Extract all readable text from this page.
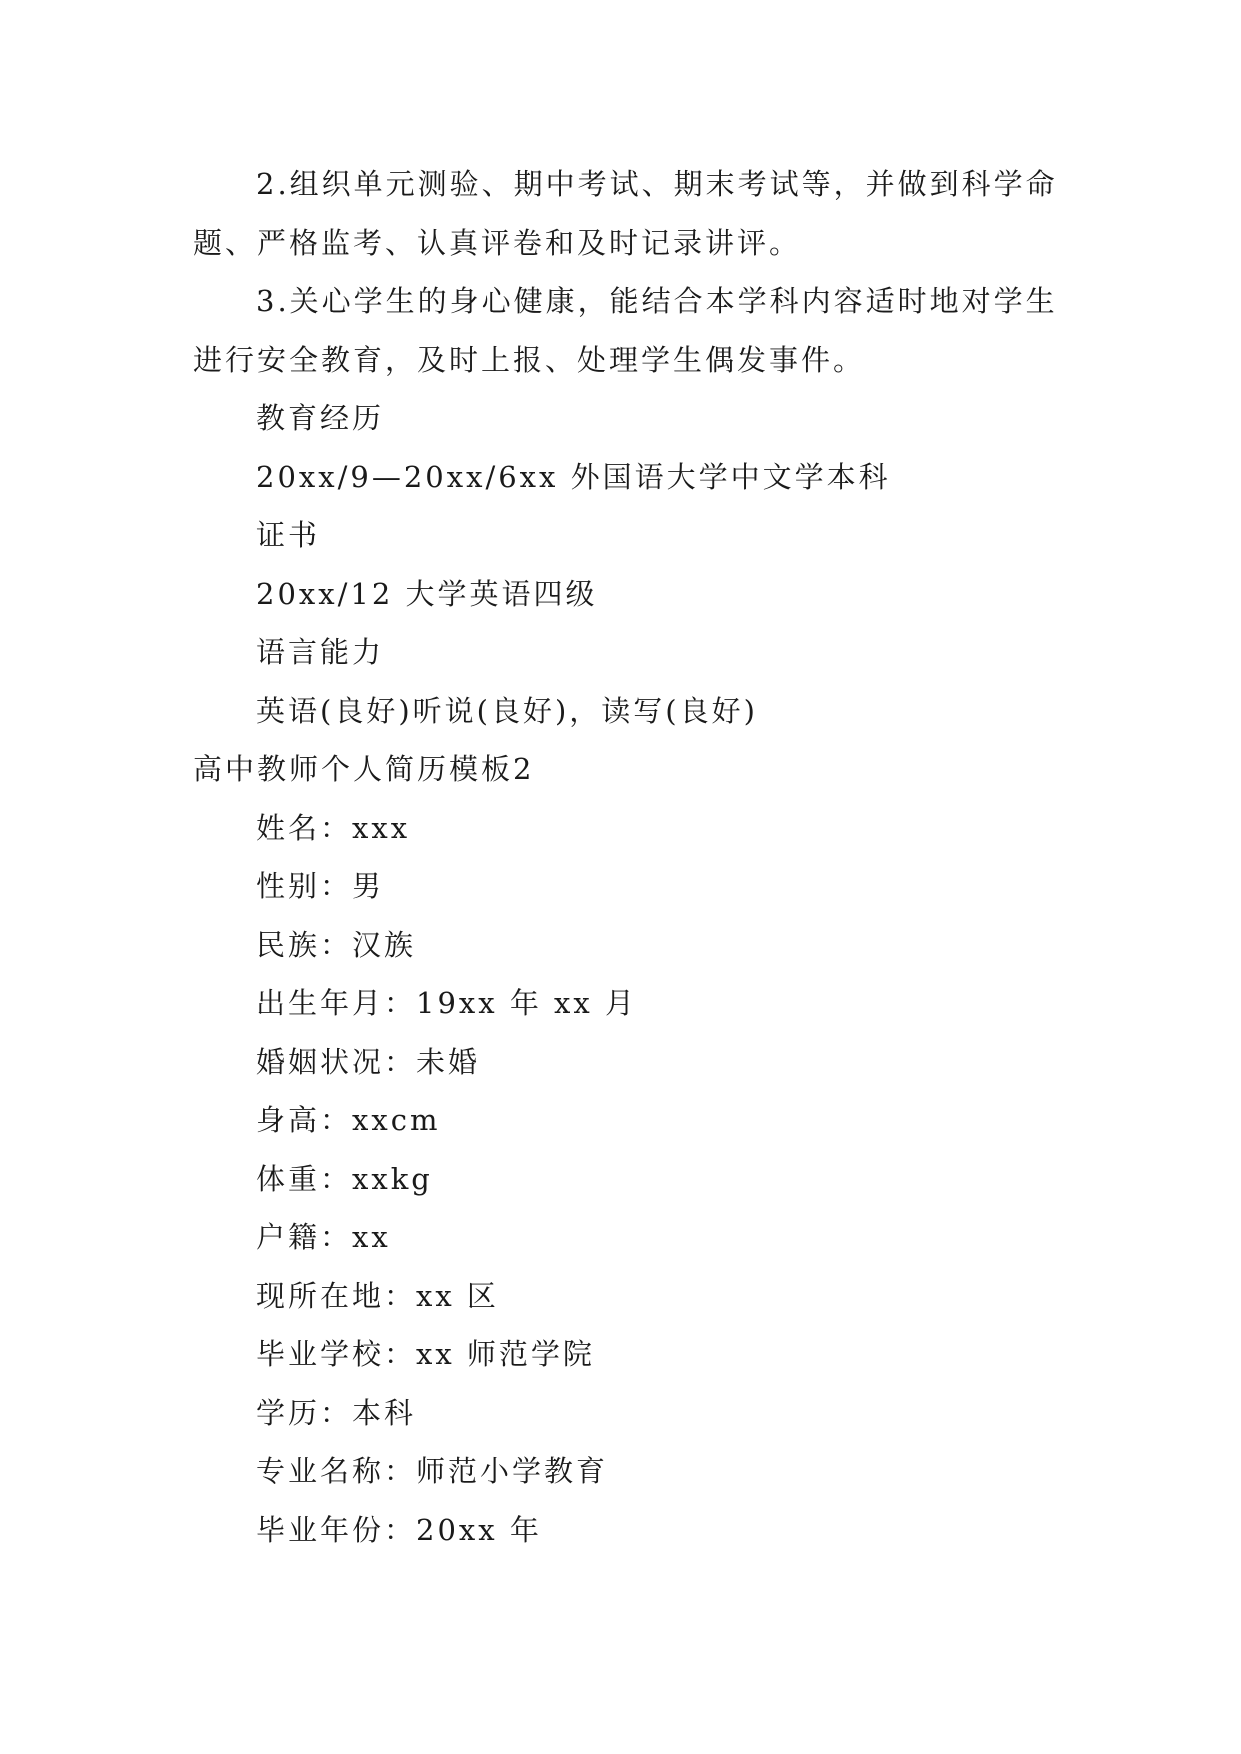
2.组织单元测验、期中考试、期末考试等，并做到科学命题、严格监考、认真评卷和及时记录讲评。

3.关心学生的身心健康，能结合本学科内容适时地对学生进行安全教育，及时上报、处理学生偶发事件。

教育经历
20xx/9—20xx/6xx 外国语大学中文学本科
证书
20xx/12 大学英语四级
语言能力
英语(良好)听说(良好)，读写(良好)
高中教师个人简历模板2
姓名：xxx
性别：男
民族：汉族
出生年月：19xx 年 xx 月
婚姻状况：未婚
身高：xxcm
体重：xxkg
户籍：xx
现所在地：xx 区
毕业学校：xx 师范学院
学历：本科
专业名称：师范小学教育
毕业年份：20xx 年
